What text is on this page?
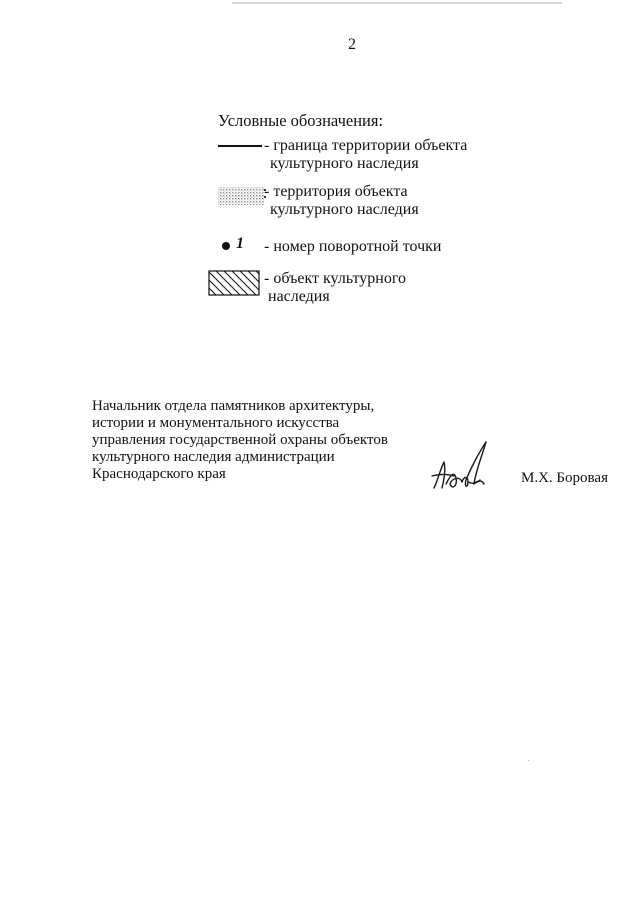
2
Условные обозначения:
- граница территории объекта
культурного наследия
- территория объекта
культурного наследия
1 - номер поворотной точки
- объект культурного
наследия
Начальник отдела памятников архитектуры,
истории и монументального искусства
управления государственной охраны объектов
культурного наследия администрации
Краснодарского края	М.Х. Боровая
